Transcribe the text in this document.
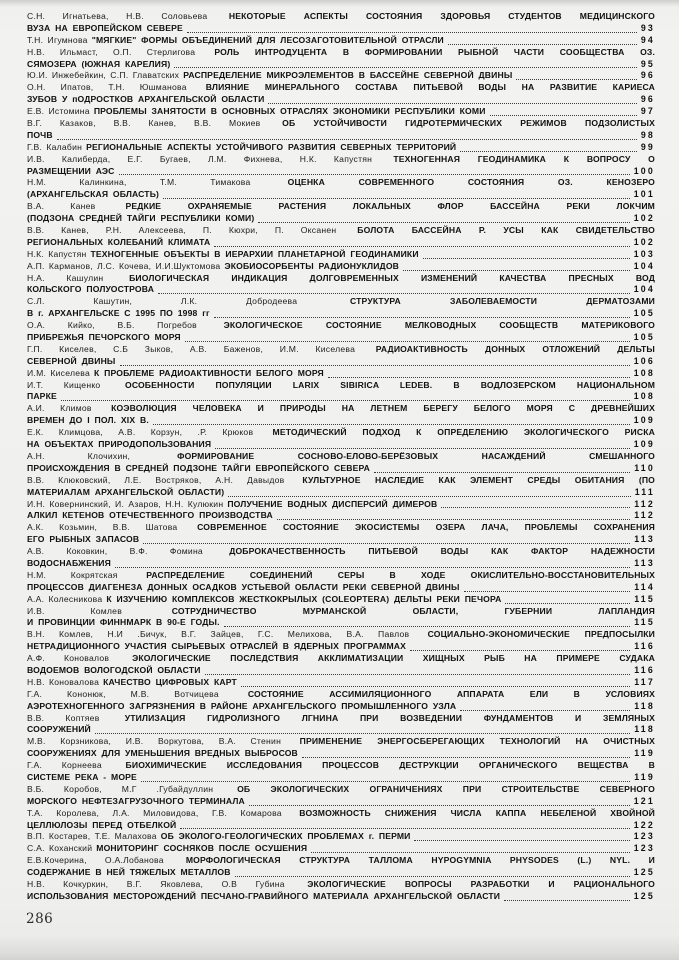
С.Н. Игнатьева, Н.В. Соловьева НЕКОТОРЫЕ АСПЕКТЫ СОСТОЯНИЯ ЗДОРОВЬЯ СТУДЕНТОВ МЕДИЦИНСКОГО
ВУЗА НА ЕВРОПЕЙСКОМ СЕВЕРЕ	93
Т.Н. Игумнова "МЯГКИЕ" ФОРМЫ ОБЪЕДИНЕНИЙ ДЛЯ ЛЕСОЗАГОТОВИТЕЛЬНОЙ ОТРАСЛИ	94
Н.В. Ильмаст, О.П. Стерлигова РОЛЬ ИНТРОДУЦЕНТА В ФОРМИРОВАНИИ РЫБНОЙ ЧАСТИ СООБЩЕСТВА ОЗ.
СЯМОЗЕРА (ЮЖНАЯ КАРЕЛИЯ)	95
Ю.И. Инжебейкин, С.П. Главатских РАСПРЕДЕЛЕНИЕ МИКРОЭЛЕМЕНТОВ В БАССЕЙНЕ СЕВЕРНОЙ ДВИНЫ	96
О.Н. Ипатов, Т.Н. Юшманова ВЛИЯНИЕ МИНЕРАЛЬНОГО СОСТАВА ПИТЬЕВОЙ ВОДЫ НА РАЗВИТИЕ КАРИЕСА
ЗУБОВ У пОДРОСТКОВ АРХАНГЕЛЬСКОЙ ОБЛАСТИ	96
Е.В. Истомина ПРОБЛЕМЫ ЗАНЯТОСТИ В ОСНОВНЫХ ОТРАСЛЯХ ЭКОНОМИКИ РЕСПУБЛИКИ КОМИ	97
В.Г. Казаков, В.В. Канев, В.В. Мокиев ОБ УСТОЙЧИВОСТИ ГИДРОТЕРМИЧЕСКИХ РЕЖИМОВ ПОДЗОЛИСТЫХ
ПОЧВ	98
Г.В. Калабин РЕГИОНАЛЬНЫЕ АСПЕКТЫ УСТОЙЧИВОГО РАЗВИТИЯ СЕВЕРНЫХ ТЕРРИТОРИЙ	99
И.В. Калиберда, Е.Г. Бугаев, Л.М. Фихнева, Н.К. Капустян ТЕХНОГЕННАЯ ГЕОДИНАМИКА К ВОПРОСУ О
РАЗМЕЩЕНИИ АЭС	100
Н.М. Калинкина, Т.М. Тимакова ОЦЕНКА СОВРЕМЕННОГО СОСТОЯНИЯ ОЗ. КЕНОЗЕРО
(АРХАНГЕЛЬСКАЯ ОБЛАСТЬ)	101
В.А. Канев РЕДКИЕ ОХРАНЯЕМЫЕ РАСТЕНИЯ ЛОКАЛЬНЫХ ФЛОР БАССЕЙНА РЕКИ ЛОКЧИМ
(ПОДЗОНА СРЕДНЕЙ ТАЙГИ РЕСПУБЛИКИ КОМИ)	102
В.В. Канев, Р.Н. Алексеева, П. Кюхри, П. Оксанен БОЛОТА БАССЕЙНА Р. УСЫ КАК СВИДЕТЕЛЬСТВО
РЕГИОНАЛЬНЫХ КОЛЕБАНИЙ КЛИМАТА	102
Н.К. Капустян ТЕХНОГЕННЫЕ ОБЪЕКТЫ В ИЕРАРХИИ ПЛАНЕТАРНОЙ ГЕОДИНАМИКИ	103
А.П. Карманов, Л.С. Кочева, И.И.Шуктомова ЭКОБИОСОРБЕНТЫ РАДИОНУКЛИДОВ	104
Н.А. Кашулин БИОЛОГИЧЕСКАЯ ИНДИКАЦИЯ ДОЛГОВРЕМЕННЫХ ИЗМЕНЕНИЙ КАЧЕСТВА ПРЕСНЫХ ВОД
КОЛЬСКОГО ПОЛУОСТРОВА	104
С.Л. Кашутин, Л.К. Добродеева СТРУКТУРА ЗАБОЛЕВАЕМОСТИ ДЕРМАТОЗАМИ
В г. АРХАНГЕЛЬСКЕ С 1995 ПО 1998 гг	105
О.А. Кийко, В.Б. Погребов ЭКОЛОГИЧЕСКОЕ СОСТОЯНИЕ МЕЛКОВОДНЫХ СООБЩЕСТВ МАТЕРИКОВОГО
ПРИБРЕЖЬЯ ПЕЧОРСКОГО МОРЯ	105
Г.П. Киселев, С.Б Зыков, А.В. Баженов, И.М. Киселева РАДИОАКТИВНОСТЬ ДОННЫХ ОТЛОЖЕНИЙ ДЕЛЬТЫ
СЕВЕРНОЙ ДВИНЫ	106
И.М. Киселева К ПРОБЛЕМЕ РАДИОАКТИВНОСТИ БЕЛОГО МОРЯ	108
И.Т. Кищенко ОСОБЕННОСТИ ПОПУЛЯЦИИ LARIX SIBIRICA LEDEB. В ВОДЛОЗЕРСКОМ НАЦИОНАЛЬНОМ
ПАРКЕ	108
А.И. Климов КОЭВОЛЮЦИЯ ЧЕЛОВЕКА И ПРИРОДЫ НА ЛЕТНЕМ БЕРЕГУ БЕЛОГО МОРЯ С ДРЕВНЕЙШИХ
ВРЕМЕН ДО I ПОЛ. XIX В.	109
Е.К. Климцова, А.В. Корзун, .Р. Крюков МЕТОДИЧЕСКИЙ ПОДХОД К ОПРЕДЕЛЕНИЮ ЭКОЛОГИЧЕСКОГО РИСКА
НА ОБЪЕКТАХ ПРИРОДОПОЛЬЗОВАНИЯ	109
А.Н. Клочихин, ФОРМИРОВАНИЕ СОСНОВО-ЕЛОВО-БЕРЁЗОВЫХ НАСАЖДЕНИЙ СМЕШАННОГО
ПРОИСХОЖДЕНИЯ В СРЕДНЕЙ ПОДЗОНЕ ТАЙГИ ЕВРОПЕЙСКОГО СЕВЕРА	110
В.В. Клюковский, Л.Е. Востряков, А.Н. Давыдов КУЛЬТУРНОЕ НАСЛЕДИЕ КАК ЭЛЕМЕНТ СРЕДЫ ОБИТАНИЯ (ПО
МАТЕРИАЛАМ АРХАНГЕЛЬСКОЙ ОБЛАСТИ)	111
И.Н. Ковернинский, И. Азаров, Н.Н. Кулюкин ПОЛУЧЕНИЕ ВОДНЫХ ДИСПЕРСИЙ ДИМЕРОВ	112
АЛКИЛ КЕТЕНОВ ОТЕЧЕСТВЕННОГО ПРОИЗВОДСТВА	112
А.К. Козьмин, В.В. Шатова СОВРЕМЕННОЕ СОСТОЯНИЕ ЭКОСИСТЕМЫ ОЗЕРА ЛАЧА, ПРОБЛЕМЫ СОХРАНЕНИЯ
ЕГО РЫБНЫХ ЗАПАСОВ	113
А.В. Коковкин, В.Ф. Фомина ДОБРОКАЧЕСТВЕННОСТЬ ПИТЬЕВОЙ ВОДЫ КАК ФАКТОР НАДЕЖНОСТИ
ВОДОСНАБЖЕНИЯ	113
Н.М. Кокрятская РАСПРЕДЕЛЕНИЕ СОЕДИНЕНИЙ СЕРЫ В ХОДЕ ОКИСЛИТЕЛЬНО-ВОССТАНОВИТЕЛЬНЫХ
ПРОЦЕССОВ ДИАГЕНЕЗА ДОННЫХ ОСАДКОВ УСТЬЕВОЙ ОБЛАСТИ РЕКИ СЕВЕРНОЙ ДВИНЫ	114
А.А. Колесникова К ИЗУЧЕНИЮ КОМПЛЕКСОВ ЖЕСТКОКРЫЛЫХ (COLEOPTERA) ДЕЛЬТЫ РЕКИ ПЕЧОРА	115
И.В. Комлев СОТРУДНИЧЕСТВО МУРМАНСКОЙ ОБЛАСТИ, ГУБЕРНИИ ЛАПЛАНДИЯ
И ПРОВИНЦИИ ФИННМАРК В 90-Е ГОДЫ.	115
В.Н. Комлев, Н.И .Бичук, В.Г. Зайцев, Г.С. Мелихова, В.А. Павлов СОЦИАЛЬНО-ЭКОНОМИЧЕСКИЕ ПРЕДПОСЫЛКИ
НЕТРАДИЦИОННОГО УЧАСТИЯ СЫРЬЕВЫХ ОТРАСЛЕЙ В ЯДЕРНЫХ ПРОГРАММАХ	116
А.Ф. Коновалов ЭКОЛОГИЧЕСКИЕ ПОСЛЕДСТВИЯ АККЛИМАТИЗАЦИИ ХИЩНЫХ РЫБ НА ПРИМЕРЕ СУДАКА
ВОДОЕМОВ ВОЛОГОДСКОЙ ОБЛАСТИ	116
Н.В. Коновалова КАЧЕСТВО ЦИФРОВЫХ КАРТ	117
Г.А. Кононюк, М.В. Вотчицева СОСТОЯНИЕ АССИМИЛЯЦИОННОГО АППАРАТА ЕЛИ В УСЛОВИЯХ
АЭРОТЕХНОГЕННОГО ЗАГРЯЗНЕНИЯ В РАЙОНЕ АРХАНГЕЛЬСКОГО ПРОМЫШЛЕННОГО УЗЛА	118
В.В. Коптяев УТИЛИЗАЦИЯ ГИДРОЛИЗНОГО ЛГНИНА ПРИ ВОЗВЕДЕНИИ ФУНДАМЕНТОВ И ЗЕМЛЯНЫХ
СООРУЖЕНИЙ	118
М.В. Корзникова, И.В. Воркутова, В.А. Стенин ПРИМЕНЕНИЕ ЭНЕРГОСБЕРЕГАЮЩИХ ТЕХНОЛОГИЙ НА ОЧИСТНЫХ
СООРУЖЕНИЯХ ДЛЯ УМЕНЬШЕНИЯ ВРЕДНЫХ ВЫБРОСОВ	119
Г.А. Корнеева БИОХИМИЧЕСКИЕ ИССЛЕДОВАНИЯ ПРОЦЕССОВ ДЕСТРУКЦИИ ОРГАНИЧЕСКОГО ВЕЩЕСТВА В
СИСТЕМЕ РЕКА - МОРЕ	119
В.Б. Коробов, М.Г .Губайдуллин ОБ ЭКОЛОГИЧЕСКИХ ОГРАНИЧЕНИЯХ ПРИ СТРОИТЕЛЬСТВЕ СЕВЕРНОГО
МОРСКОГО НЕФТЕЗАГРУЗОЧНОГО ТЕРМИНАЛА	121
Т.А. Королева, Л.А. Миловидова, Г.В. Комарова ВОЗМОЖНОСТЬ СНИЖЕНИЯ ЧИСЛА КАППА НЕБЕЛЕНОЙ ХВОЙНОЙ
ЦЕЛЛЮЛОЗЫ ПЕРЕД ОТБЕЛКОЙ	122
В.П. Костарев, Т.Е. Малахова ОБ ЭКОЛОГО-ГЕОЛОГИЧЕСКИХ ПРОБЛЕМАХ г. ПЕРМИ	123
С.А. Коханский МОНИТОРИНГ СОСНЯКОВ ПОСЛЕ ОСУШЕНИЯ	123
Е.В.Кочерина, О.А.Лобанова МОРФОЛОГИЧЕСКАЯ СТРУКТУРА ТАЛЛОМА HYPOGYMNIA PHYSODES (L.) NYL. И
СОДЕРЖАНИЕ В НЕЙ ТЯЖЕЛЫХ МЕТАЛЛОВ	125
Н.В. Кочкуркин, В.Г. Яковлева, О.В Губина ЭКОЛОГИЧЕСКИЕ ВОПРОСЫ РАЗРАБОТКИ И РАЦИОНАЛЬНОГО
ИСПОЛЬЗОВАНИЯ МЕСТОРОЖДЕНИЙ ПЕСЧАНО-ГРАВИЙНОГО МАТЕРИАЛА АРХАНГЕЛЬСКОЙ ОБЛАСТИ	125
286
